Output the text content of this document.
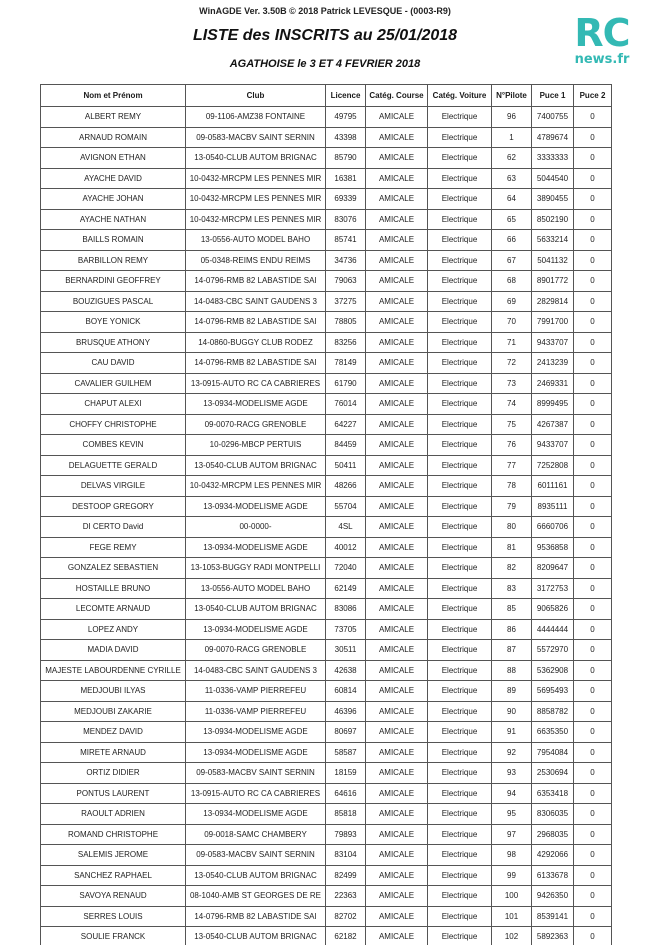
WinAGDE Ver. 3.50B © 2018 Patrick LEVESQUE - (0003-R9)
LISTE des INSCRITS au 25/01/2018
AGATHOISE le 3 ET 4 FEVRIER 2018
RC
news.fr
Nom et Prénom	Club	Licence	Catég. Course	Catég. Voiture	N°Pilote	Puce 1	Puce 2
ALBERT REMY	09-1106-AMZ38 FONTAINE	49795	AMICALE	Electrique	96	7400755	0
ARNAUD ROMAIN	09-0583-MACBV SAINT SERNIN	43398	AMICALE	Electrique	1	4789674	0
AVIGNON ETHAN	13-0540-CLUB AUTOM BRIGNAC	85790	AMICALE	Electrique	62	3333333	0
AYACHE DAVID	10-0432-MRCPM LES PENNES MIR	16381	AMICALE	Electrique	63	5044540	0
AYACHE JOHAN	10-0432-MRCPM LES PENNES MIR	69339	AMICALE	Electrique	64	3890455	0
AYACHE NATHAN	10-0432-MRCPM LES PENNES MIR	83076	AMICALE	Electrique	65	8502190	0
BAILLS ROMAIN	13-0556-AUTO MODEL BAHO	85741	AMICALE	Electrique	66	5633214	0
BARBILLON REMY	05-0348-REIMS ENDU REIMS	34736	AMICALE	Electrique	67	5041132	0
BERNARDINI GEOFFREY	14-0796-RMB 82 LABASTIDE SAI	79063	AMICALE	Electrique	68	8901772	0
BOUZIGUES PASCAL	14-0483-CBC SAINT GAUDENS 3	37275	AMICALE	Electrique	69	2829814	0
BOYE YONICK	14-0796-RMB 82 LABASTIDE SAI	78805	AMICALE	Electrique	70	7991700	0
BRUSQUE ATHONY	14-0860-BUGGY CLUB RODEZ	83256	AMICALE	Electrique	71	9433707	0
CAU DAVID	14-0796-RMB 82 LABASTIDE SAI	78149	AMICALE	Electrique	72	2413239	0
CAVALIER GUILHEM	13-0915-AUTO RC CA CABRIERES	61790	AMICALE	Electrique	73	2469331	0
CHAPUT ALEXI	13-0934-MODELISME AGDE	76014	AMICALE	Electrique	74	8999495	0
CHOFFY CHRISTOPHE	09-0070-RACG GRENOBLE	64227	AMICALE	Electrique	75	4267387	0
COMBES KEVIN	10-0296-MBCP PERTUIS	84459	AMICALE	Electrique	76	9433707	0
DELAGUETTE GERALD	13-0540-CLUB AUTOM BRIGNAC	50411	AMICALE	Electrique	77	7252808	0
DELVAS VIRGILE	10-0432-MRCPM LES PENNES MIR	48266	AMICALE	Electrique	78	6011161	0
DESTOOP GREGORY	13-0934-MODELISME AGDE	55704	AMICALE	Electrique	79	8935111	0
DI CERTO David	00-0000-	4SL	AMICALE	Electrique	80	6660706	0
FEGE REMY	13-0934-MODELISME AGDE	40012	AMICALE	Electrique	81	9536858	0
GONZALEZ SEBASTIEN	13-1053-BUGGY RADI MONTPELLI	72040	AMICALE	Electrique	82	8209647	0
HOSTAILLE BRUNO	13-0556-AUTO MODEL BAHO	62149	AMICALE	Electrique	83	3172753	0
LECOMTE ARNAUD	13-0540-CLUB AUTOM BRIGNAC	83086	AMICALE	Electrique	85	9065826	0
LOPEZ ANDY	13-0934-MODELISME AGDE	73705	AMICALE	Electrique	86	4444444	0
MADIA DAVID	09-0070-RACG GRENOBLE	30511	AMICALE	Electrique	87	5572970	0
MAJESTE LABOURDENNE CYRILLE	14-0483-CBC SAINT GAUDENS 3	42638	AMICALE	Electrique	88	5362908	0
MEDJOUBI ILYAS	11-0336-VAMP PIERREFEU	60814	AMICALE	Electrique	89	5695493	0
MEDJOUBI ZAKARIE	11-0336-VAMP PIERREFEU	46396	AMICALE	Electrique	90	8858782	0
MENDEZ DAVID	13-0934-MODELISME AGDE	80697	AMICALE	Electrique	91	6635350	0
MIRETE ARNAUD	13-0934-MODELISME AGDE	58587	AMICALE	Electrique	92	7954084	0
ORTIZ DIDIER	09-0583-MACBV SAINT SERNIN	18159	AMICALE	Electrique	93	2530694	0
PONTUS LAURENT	13-0915-AUTO RC CA CABRIERES	64616	AMICALE	Electrique	94	6353418	0
RAOULT ADRIEN	13-0934-MODELISME AGDE	85818	AMICALE	Electrique	95	8306035	0
ROMAND CHRISTOPHE	09-0018-SAMC CHAMBERY	79893	AMICALE	Electrique	97	2968035	0
SALEMIS JEROME	09-0583-MACBV SAINT SERNIN	83104	AMICALE	Electrique	98	4292066	0
SANCHEZ RAPHAEL	13-0540-CLUB AUTOM BRIGNAC	82499	AMICALE	Electrique	99	6133678	0
SAVOYA RENAUD	08-1040-AMB ST GEORGES DE RE	22363	AMICALE	Electrique	100	9426350	0
SERRES LOUIS	14-0796-RMB 82 LABASTIDE SAI	82702	AMICALE	Electrique	101	8539141	0
SOULIE FRANCK	13-0540-CLUB AUTOM BRIGNAC	62182	AMICALE	Electrique	102	5892363	0
